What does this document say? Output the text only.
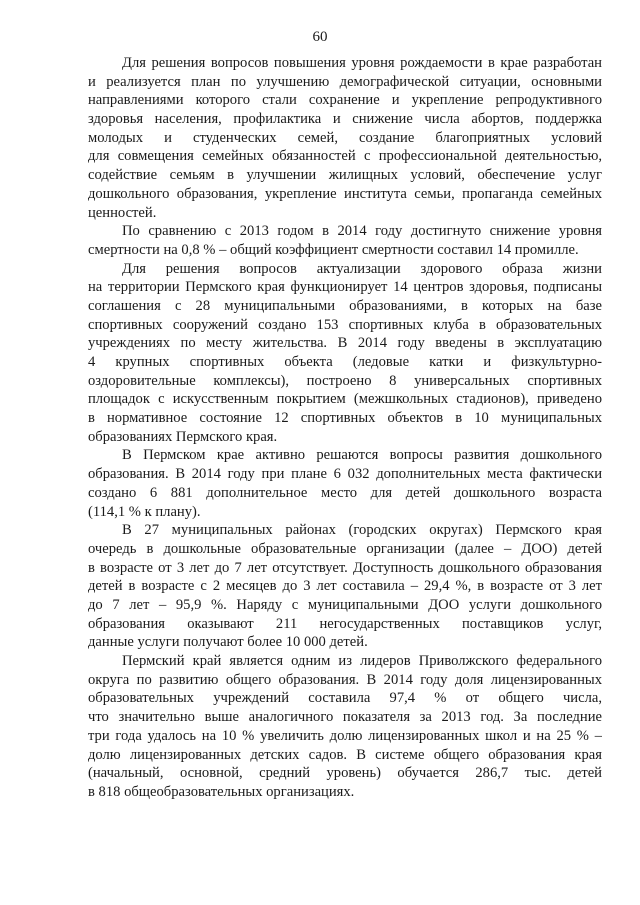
60

Для решения вопросов повышения уровня рождаемости в крае разработан
и реализуется план по улучшению демографической ситуации, основными
направлениями которого стали сохранение и укрепление репродуктивного
здоровья населения, профилактика и снижение числа абортов, поддержка
молодых и студенческих семей, создание благоприятных условий
для совмещения семейных обязанностей с профессиональной деятельностью,
содействие семьям в улучшении жилищных условий, обеспечение услуг
дошкольного образования, укрепление института семьи, пропаганда семейных
ценностей.

По сравнению с 2013 годом в 2014 году достигнуто снижение уровня
смертности на 0,8 % – общий коэффициент смертности составил 14 промилле.

Для решения вопросов актуализации здорового образа жизни
на территории Пермского края функционирует 14 центров здоровья, подписаны
соглашения с 28 муниципальными образованиями, в которых на базе
спортивных сооружений создано 153 спортивных клуба в образовательных
учреждениях по месту жительства. В 2014 году введены в эксплуатацию
4 крупных спортивных объекта (ледовые катки и физкультурно-
оздоровительные комплексы), построено 8 универсальных спортивных
площадок с искусственным покрытием (межшкольных стадионов), приведено
в нормативное состояние 12 спортивных объектов в 10 муниципальных
образованиях Пермского края.

В Пермском крае активно решаются вопросы развития дошкольного
образования. В 2014 году при плане 6 032 дополнительных места фактически
создано 6 881 дополнительное место для детей дошкольного возраста
(114,1 % к плану).

В 27 муниципальных районах (городских округах) Пермского края
очередь в дошкольные образовательные организации (далее – ДОО) детей
в возрасте от 3 лет до 7 лет отсутствует. Доступность дошкольного образования
детей в возрасте с 2 месяцев до 3 лет составила – 29,4 %, в возрасте от 3 лет
до 7 лет – 95,9 %. Наряду с муниципальными ДОО услуги дошкольного
образования оказывают 211 негосударственных поставщиков услуг,
данные услуги получают более 10 000 детей.

Пермский край является одним из лидеров Приволжского федерального
округа по развитию общего образования. В 2014 году доля лицензированных
образовательных учреждений составила 97,4 % от общего числа,
что значительно выше аналогичного показателя за 2013 год. За последние
три года удалось на 10 % увеличить долю лицензированных школ и на 25 % –
долю лицензированных детских садов. В системе общего образования края
(начальный, основной, средний уровень) обучается 286,7 тыс. детей
в 818 общеобразовательных организациях.
